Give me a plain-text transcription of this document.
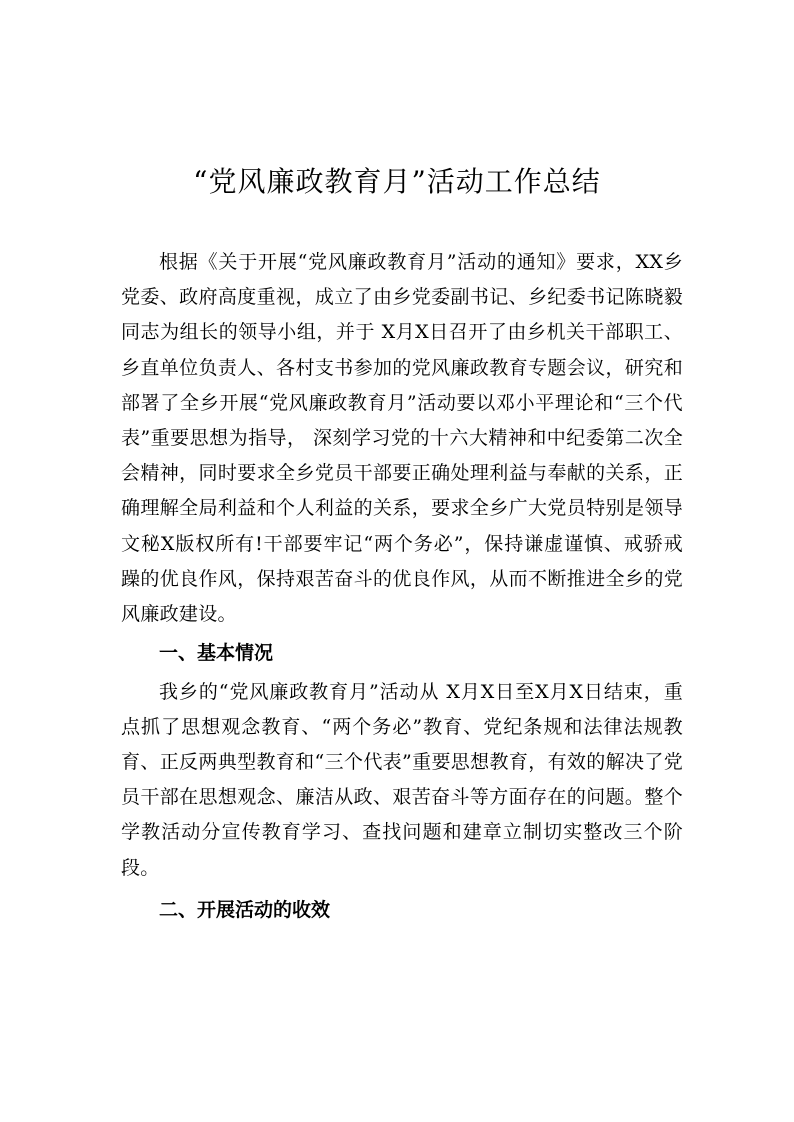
“党风廉政教育月”活动工作总结

根据《关于开展“党风廉政教育月”活动的通知》要求，XX乡党委、政府高度重视，成立了由乡党委副书记、乡纪委书记陈晓毅同志为组长的领导小组，并于 X月X日召开了由乡机关干部职工、乡直单位负责人、各村支书参加的党风廉政教育专题会议，研究和部署了全乡开展“党风廉政教育月”活动要以邓小平理论和“三个代表”重要思想为指导， 深刻学习党的十六大精神和中纪委第二次全会精神，同时要求全乡党员干部要正确处理利益与奉献的关系，正确理解全局利益和个人利益的关系，要求全乡广大党员特别是领导文秘X版权所有!干部要牢记“两个务必”，保持谦虚谨慎、戒骄戒躁的优良作风，保持艰苦奋斗的优良作风，从而不断推进全乡的党风廉政建设。

一、基本情况

我乡的“党风廉政教育月”活动从 X月X日至X月X日结束，重点抓了思想观念教育、“两个务必”教育、党纪条规和法律法规教育、正反两典型教育和“三个代表”重要思想教育，有效的解决了党员干部在思想观念、廉洁从政、艰苦奋斗等方面存在的问题。整个学教活动分宣传教育学习、查找问题和建章立制切实整改三个阶段。

二、开展活动的收效
